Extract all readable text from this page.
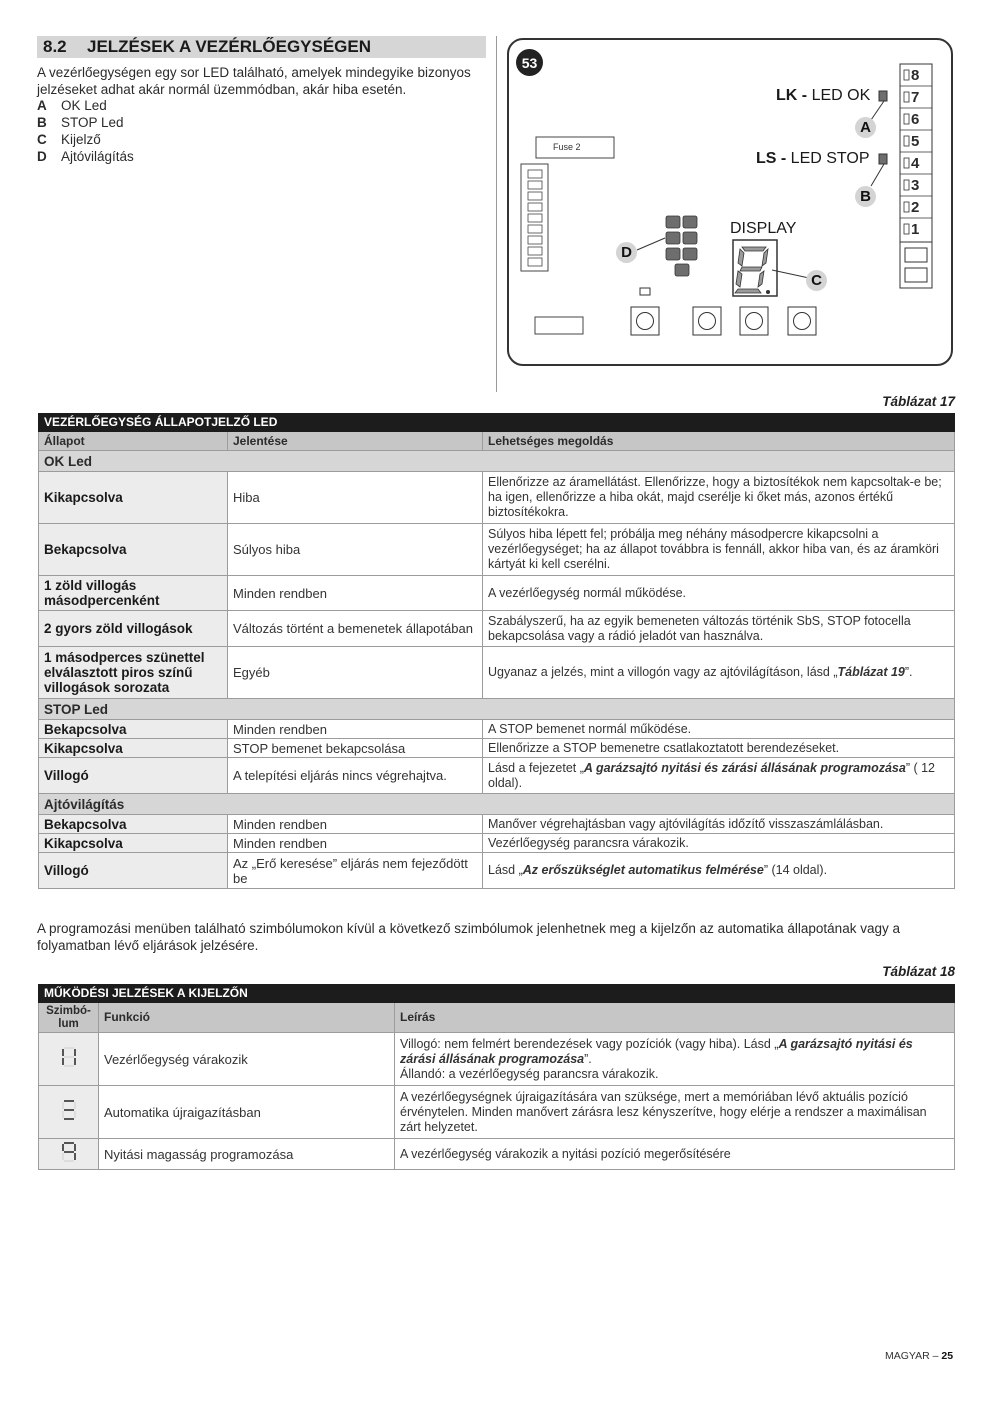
8.2	JELZÉSEK A VEZÉRLŐEGYSÉGEN
A vezérlőegységen egy sor LED található, amelyek mindegyike bizonyos jelzéseket adhat akár normál üzemmódban, akár hiba esetén.
A	OK Led
B	STOP Led
C	Kijelző
D	Ajtóvilágítás
53
Fuse 2
LK - LED OK
LS - LED STOP
DISPLAY
A
B
C
D
8
7
6
5
4
3
2
1
Táblázat 17
VEZÉRLŐEGYSÉG ÁLLAPOTJELZŐ LED		
Állapot	Jelentése	Lehetséges megoldás
OK Led		
Kikapcsolva	Hiba	Ellenőrizze az áramellátást. Ellenőrizze, hogy a biztosítékok nem kapcsoltak-e be; ha igen, ellenőrizze a hiba okát, majd cserélje ki őket más, azonos értékű biztosítékokra.
Bekapcsolva	Súlyos hiba	Súlyos hiba lépett fel; próbálja meg néhány másodpercre kikapcsolni a vezérlőegységet; ha az állapot továbbra is fennáll, akkor hiba van, és az áramköri kártyát ki kell cserélni.
1 zöld villogás másodpercenként	Minden rendben	A vezérlőegység normál működése.
2 gyors zöld villogások	Változás történt a bemenetek állapotában	Szabályszerű, ha az egyik bemeneten változás történik SbS, STOP fotocella bekapcsolása vagy a rádió jeladót van használva.
1 másodperces szünettel elválasztott piros színű villogások sorozata	Egyéb	Ugyanaz a jelzés, mint a villogón vagy az ajtóvilágításon, lásd „Táblázat 19”.
STOP Led		
Bekapcsolva	Minden rendben	A STOP bemenet normál működése.
Kikapcsolva	STOP bemenet bekapcsolása	Ellenőrizze a STOP bemenetre csatlakoztatott berendezéseket.
Villogó	A telepítési eljárás nincs végrehajtva.	Lásd a fejezetet „A garázsajtó nyitási és zárási állásának programozása” ( 12 oldal).
Ajtóvilágítás		
Bekapcsolva	Minden rendben	Manőver végrehajtásban vagy ajtóvilágítás időzítő visszaszámlálásban.
Kikapcsolva	Minden rendben	Vezérlőegység parancsra várakozik.
Villogó	Az „Erő keresése” eljárás nem fejeződött be	Lásd „Az erőszükséglet automatikus felmérése” (14 oldal).
A programozási menüben található szimbólumokon kívül a következő szimbólumok jelenhetnek meg a kijelzőn az automatika állapotának vagy a folyamatban lévő eljárások jelzésére.
Táblázat 18
MŰKÖDÉSI JELZÉSEK A KIJELZŐN		
Szimbó-lum	Funkció	Leírás
	Vezérlőegység várakozik	Villogó: nem felmért berendezések vagy pozíciók (vagy hiba). Lásd „A garázsajtó nyitási és zárási állásának programozása”.
Állandó: a vezérlőegység parancsra várakozik.
	Automatika újraigazításban	A vezérlőegységnek újraigazítására van szüksége, mert a memóriában lévő aktuális pozíció érvénytelen. Minden manővert zárásra lesz kényszerítve, hogy elérje a rendszer a maximálisan zárt helyzetet.
	Nyitási magasság programozása	A vezérlőegység várakozik a nyitási pozíció megerősítésére
MAGYAR – 25
